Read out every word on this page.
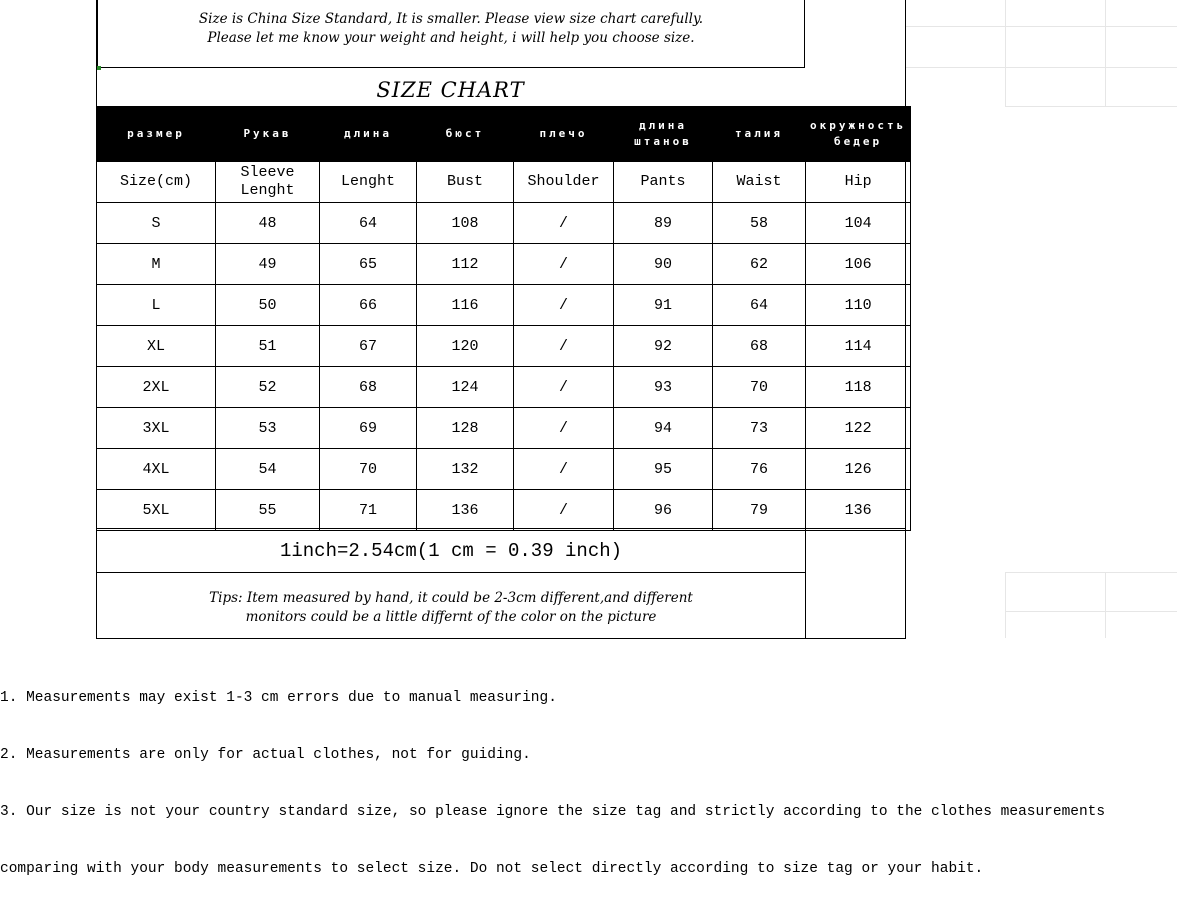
Size is China Size Standard, It is smaller. Please view size chart carefully.
Please let me know your weight and height, i will help you choose size.
SIZE CHART
размер	Рукав	длина	бюст	плечо	длина штанов	талия	окружность бедер
Size(cm)	Sleeve Lenght	Lenght	Bust	Shoulder	Pants	Waist	Hip
S	48	64	108	/	89	58	104
M	49	65	112	/	90	62	106
L	50	66	116	/	91	64	110
XL	51	67	120	/	92	68	114
2XL	52	68	124	/	93	70	118
3XL	53	69	128	/	94	73	122
4XL	54	70	132	/	95	76	126
5XL	55	71	136	/	96	79	136
1inch=2.54cm(1 cm = 0.39 inch)
Tips: Item measured by hand, it could be 2-3cm different,and different
monitors could be a little differnt of the color on the picture

1. Measurements may exist 1-3 cm errors due to manual measuring.

2. Measurements are only for actual clothes, not for guiding.

3. Our size is not your country standard size, so please ignore the size tag and strictly according to the clothes measurements

comparing with your body measurements to select size. Do not select directly according to size tag or your habit.
